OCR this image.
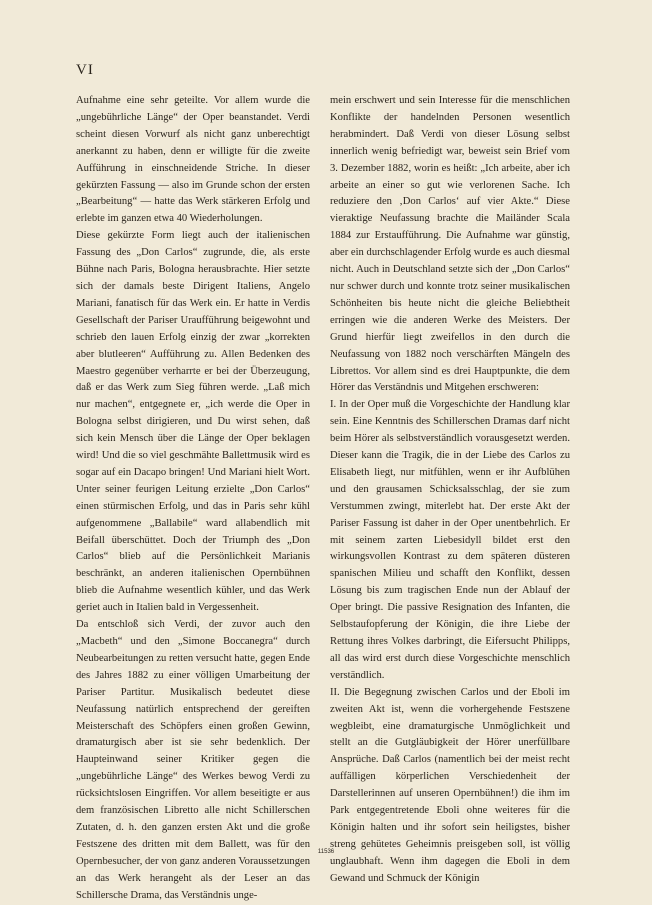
VI

Aufnahme eine sehr geteilte. Vor allem wurde die „ungebührliche Länge“ der Oper beanstandet. Verdi scheint diesen Vorwurf als nicht ganz unberechtigt anerkannt zu haben, denn er willigte für die zweite Aufführung in einschneidende Striche. In dieser gekürzten Fassung — also im Grunde schon der ersten „Bearbeitung“ — hatte das Werk stärkeren Erfolg und erlebte im ganzen etwa 40 Wiederholungen.

Diese gekürzte Form liegt auch der italienischen Fassung des „Don Carlos“ zugrunde, die, als erste Bühne nach Paris, Bologna herausbrachte. Hier setzte sich der damals beste Dirigent Italiens, Angelo Mariani, fanatisch für das Werk ein. Er hatte in Verdis Gesellschaft der Pariser Uraufführung beigewohnt und schrieb den lauen Erfolg einzig der zwar „korrekten aber blutleeren“ Aufführung zu. Allen Bedenken des Maestro gegenüber verharrte er bei der Überzeugung, daß er das Werk zum Sieg führen werde. „Laß mich nur machen“, entgegnete er, „ich werde die Oper in Bologna selbst dirigieren, und Du wirst sehen, daß sich kein Mensch über die Länge der Oper beklagen wird! Und die so viel geschmähte Ballettmusik wird es sogar auf ein Dacapo bringen! Und Mariani hielt Wort. Unter seiner feurigen Leitung erzielte „Don Carlos“ einen stürmischen Erfolg, und das in Paris sehr kühl aufgenommene „Ballabile“ ward allabendlich mit Beifall überschüttet. Doch der Triumph des „Don Carlos“ blieb auf die Persönlichkeit Marianis beschränkt, an anderen italienischen Opernbühnen blieb die Aufnahme wesentlich kühler, und das Werk geriet auch in Italien bald in Vergessenheit.

Da entschloß sich Verdi, der zuvor auch den „Macbeth“ und den „Simone Boccanegra“ durch Neubearbeitungen zu retten versucht hatte, gegen Ende des Jahres 1882 zu einer völligen Umarbeitung der Pariser Partitur. Musikalisch bedeutet diese Neufassung natürlich entsprechend der gereiften Meisterschaft des Schöpfers einen großen Gewinn, dramaturgisch aber ist sie sehr bedenklich. Der Haupteinwand seiner Kritiker gegen die „ungebührliche Länge“ des Werkes bewog Verdi zu rücksichtslosen Eingriffen. Vor allem beseitigte er aus dem französischen Libretto alle nicht Schillerschen Zutaten, d. h. den ganzen ersten Akt und die große Festszene des dritten mit dem Ballett, was für den Opernbesucher, der von ganz anderen Voraussetzungen an das Werk herangeht als der Leser an das Schillersche Drama, das Verständnis unge-

mein erschwert und sein Interesse für die menschlichen Konflikte der handelnden Personen wesentlich herabmindert. Daß Verdi von dieser Lösung selbst innerlich wenig befriedigt war, beweist sein Brief vom 3. Dezember 1882, worin es heißt: „Ich arbeite, aber ich arbeite an einer so gut wie verlorenen Sache. Ich reduziere den ‚Don Carlos‘ auf vier Akte.“ Diese vieraktige Neufassung brachte die Mailänder Scala 1884 zur Erstaufführung. Die Aufnahme war günstig, aber ein durchschlagender Erfolg wurde es auch diesmal nicht. Auch in Deutschland setzte sich der „Don Carlos“ nur schwer durch und konnte trotz seiner musikalischen Schönheiten bis heute nicht die gleiche Beliebtheit erringen wie die anderen Werke des Meisters. Der Grund hierfür liegt zweifellos in den durch die Neufassung von 1882 noch verschärften Mängeln des Librettos. Vor allem sind es drei Hauptpunkte, die dem Hörer das Verständnis und Mitgehen erschweren:

I. In der Oper muß die Vorgeschichte der Handlung klar sein. Eine Kenntnis des Schillerschen Dramas darf nicht beim Hörer als selbstverständlich vorausgesetzt werden. Dieser kann die Tragik, die in der Liebe des Carlos zu Elisabeth liegt, nur mitfühlen, wenn er ihr Aufblühen und den grausamen Schicksalsschlag, der sie zum Verstummen zwingt, miterlebt hat. Der erste Akt der Pariser Fassung ist daher in der Oper unentbehrlich. Er mit seinem zarten Liebesidyll bildet erst den wirkungsvollen Kontrast zu dem späteren düsteren spanischen Milieu und schafft den Konflikt, dessen Lösung bis zum tragischen Ende nun der Ablauf der Oper bringt. Die passive Resignation des Infanten, die Selbstaufopferung der Königin, die ihre Liebe der Rettung ihres Volkes darbringt, die Eifersucht Philipps, all das wird erst durch diese Vorgeschichte menschlich verständlich.

II. Die Begegnung zwischen Carlos und der Eboli im zweiten Akt ist, wenn die vorhergehende Festszene wegbleibt, eine dramaturgische Unmöglichkeit und stellt an die Gutgläubigkeit der Hörer unerfüllbare Ansprüche. Daß Carlos (namentlich bei der meist recht auffälligen körperlichen Verschiedenheit der Darstellerinnen auf unseren Opernbühnen!) die ihm im Park entgegentretende Eboli ohne weiteres für die Königin halten und ihr sofort sein heiligstes, bisher streng gehütetes Geheimnis preisgeben soll, ist völlig unglaubhaft. Wenn ihm dagegen die Eboli in dem Gewand und Schmuck der Königin

11536
